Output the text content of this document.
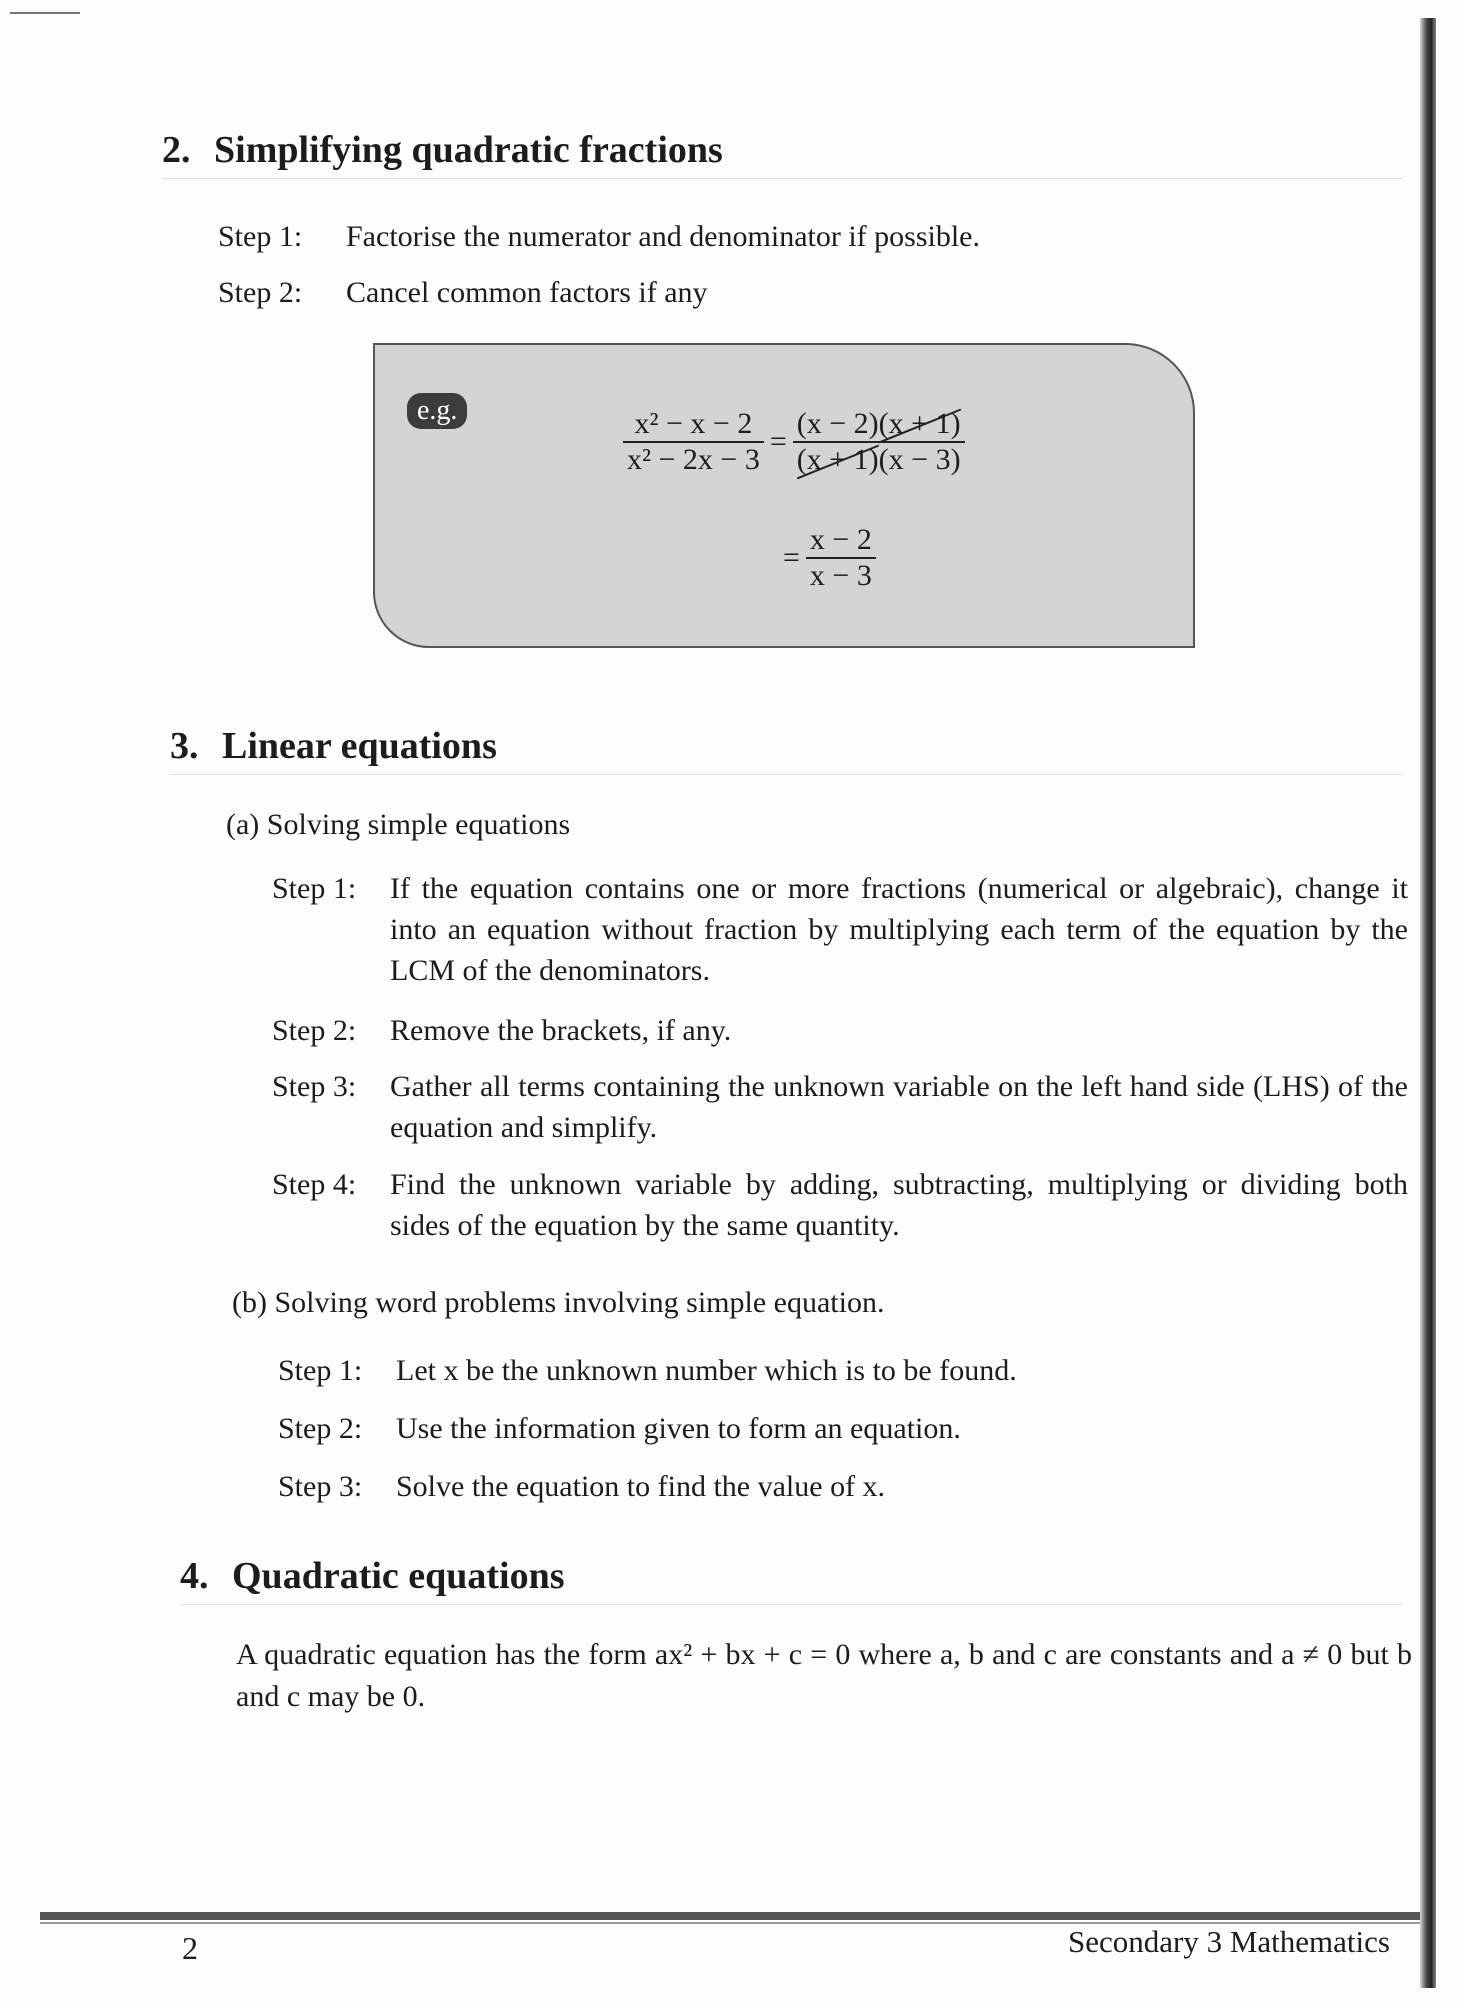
2. Simplifying quadratic fractions
Step 1:	Factorise the numerator and denominator if possible.
Step 2:	Cancel common factors if any
e.g.	$\frac{\text{x² − x − 2}}{\text{x² − 2x − 3}} = \frac{(x - 2)(x + 1)}{(x + 1)(x - 3)}$
= $\frac{x - 2}{x - 3}$
3. Linear equations
(a) Solving simple equations
Step 1:	If the equation contains one or more fractions (numerical or algebraic), change it into an equation without fraction by multiplying each term of the equation by the LCM of the denominators.
Step 2:	Remove the brackets, if any.
Step 3:	Gather all terms containing the unknown variable on the left hand side (LHS) of the equation and simplify.
Step 4:	Find the unknown variable by adding, subtracting, multiplying or dividing both sides of the equation by the same quantity.
(b) Solving word problems involving simple equation.
Step 1:	Let x be the unknown number which is to be found.
Step 2:	Use the information given to form an equation.
Step 3:	Solve the equation to find the value of x.
4. Quadratic equations
A quadratic equation has the form ax² + bx + c = 0 where a, b and c are constants and a ≠ 0 but b and c may be 0.
2	Secondary 3 Mathematics
